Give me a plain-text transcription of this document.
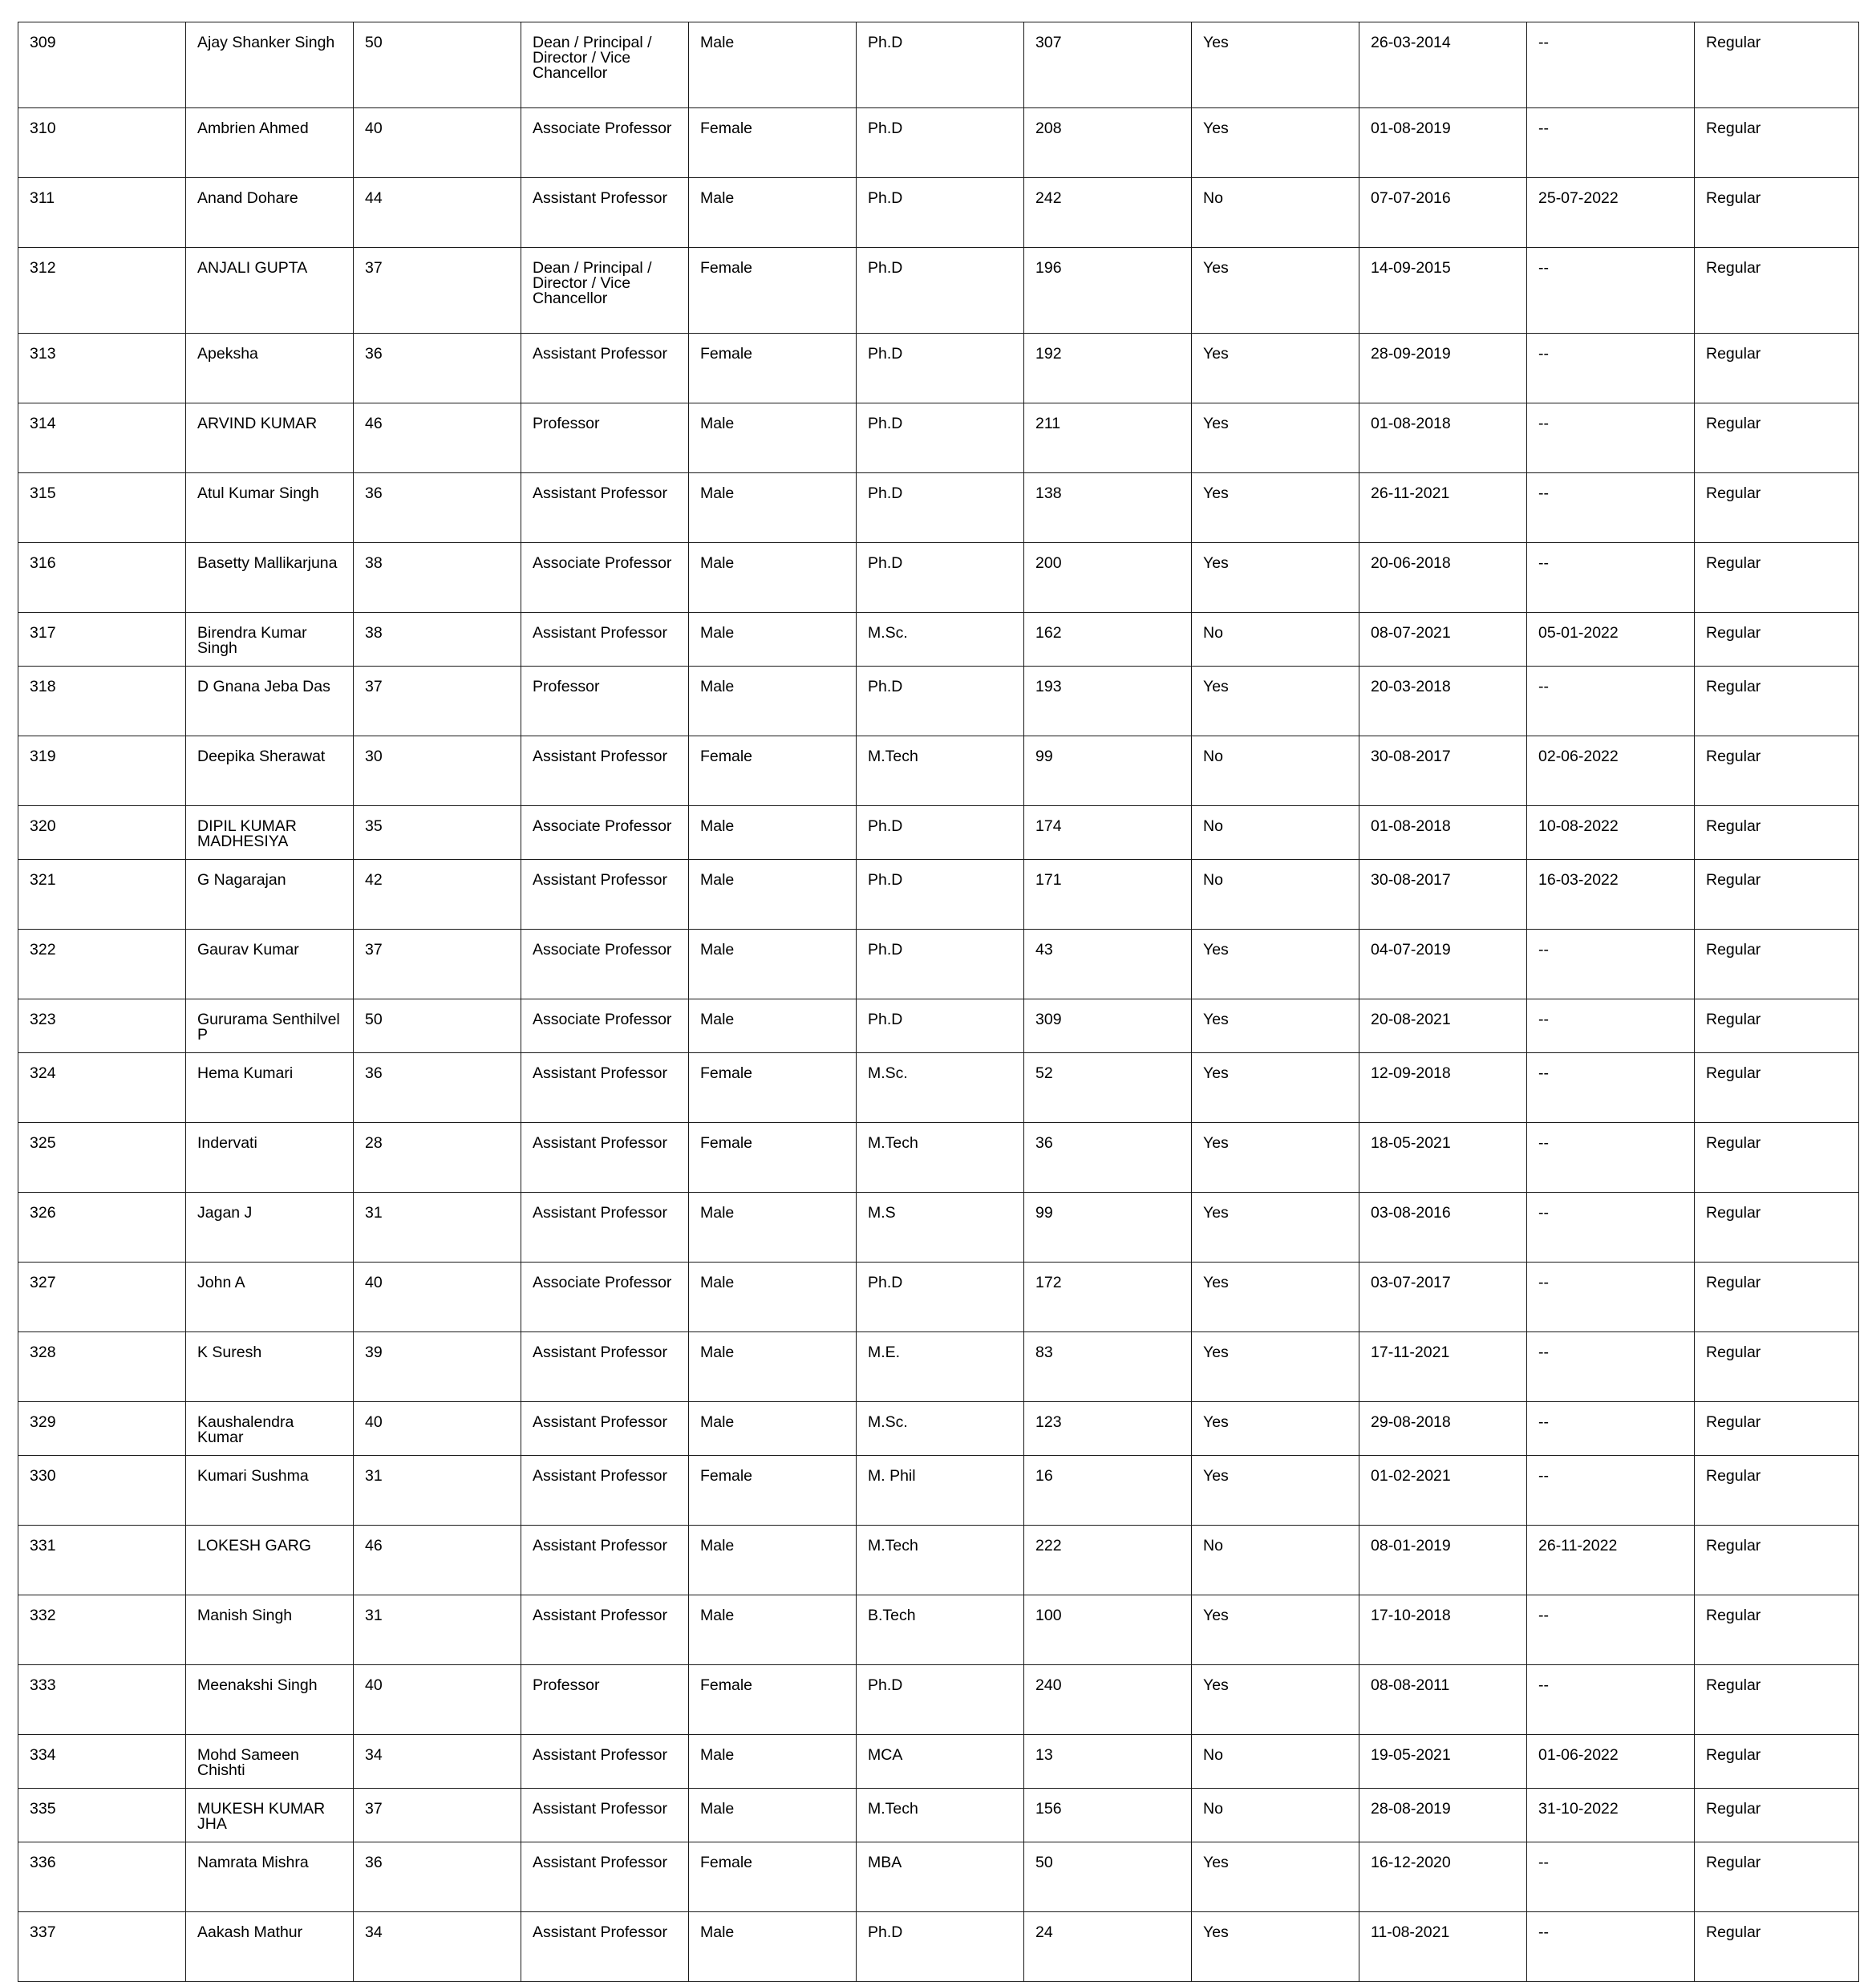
309	Ajay Shanker Singh	50	Dean / Principal / Director / Vice Chancellor	Male	Ph.D	307	Yes	26-03-2014	--	Regular
310	Ambrien Ahmed	40	Associate Professor	Female	Ph.D	208	Yes	01-08-2019	--	Regular
311	Anand Dohare	44	Assistant Professor	Male	Ph.D	242	No	07-07-2016	25-07-2022	Regular
312	ANJALI GUPTA	37	Dean / Principal / Director / Vice Chancellor	Female	Ph.D	196	Yes	14-09-2015	--	Regular
313	Apeksha	36	Assistant Professor	Female	Ph.D	192	Yes	28-09-2019	--	Regular
314	ARVIND KUMAR	46	Professor	Male	Ph.D	211	Yes	01-08-2018	--	Regular
315	Atul Kumar Singh	36	Assistant Professor	Male	Ph.D	138	Yes	26-11-2021	--	Regular
316	Basetty Mallikarjuna	38	Associate Professor	Male	Ph.D	200	Yes	20-06-2018	--	Regular
317	Birendra Kumar Singh	38	Assistant Professor	Male	M.Sc.	162	No	08-07-2021	05-01-2022	Regular
318	D Gnana Jeba Das	37	Professor	Male	Ph.D	193	Yes	20-03-2018	--	Regular
319	Deepika Sherawat	30	Assistant Professor	Female	M.Tech	99	No	30-08-2017	02-06-2022	Regular
320	DIPIL KUMAR MADHESIYA	35	Associate Professor	Male	Ph.D	174	No	01-08-2018	10-08-2022	Regular
321	G Nagarajan	42	Assistant Professor	Male	Ph.D	171	No	30-08-2017	16-03-2022	Regular
322	Gaurav Kumar	37	Associate Professor	Male	Ph.D	43	Yes	04-07-2019	--	Regular
323	Gururama Senthilvel P	50	Associate Professor	Male	Ph.D	309	Yes	20-08-2021	--	Regular
324	Hema Kumari	36	Assistant Professor	Female	M.Sc.	52	Yes	12-09-2018	--	Regular
325	Indervati	28	Assistant Professor	Female	M.Tech	36	Yes	18-05-2021	--	Regular
326	Jagan J	31	Assistant Professor	Male	M.S	99	Yes	03-08-2016	--	Regular
327	John A	40	Associate Professor	Male	Ph.D	172	Yes	03-07-2017	--	Regular
328	K Suresh	39	Assistant Professor	Male	M.E.	83	Yes	17-11-2021	--	Regular
329	Kaushalendra Kumar	40	Assistant Professor	Male	M.Sc.	123	Yes	29-08-2018	--	Regular
330	Kumari Sushma	31	Assistant Professor	Female	M. Phil	16	Yes	01-02-2021	--	Regular
331	LOKESH GARG	46	Assistant Professor	Male	M.Tech	222	No	08-01-2019	26-11-2022	Regular
332	Manish Singh	31	Assistant Professor	Male	B.Tech	100	Yes	17-10-2018	--	Regular
333	Meenakshi Singh	40	Professor	Female	Ph.D	240	Yes	08-08-2011	--	Regular
334	Mohd Sameen Chishti	34	Assistant Professor	Male	MCA	13	No	19-05-2021	01-06-2022	Regular
335	MUKESH KUMAR JHA	37	Assistant Professor	Male	M.Tech	156	No	28-08-2019	31-10-2022	Regular
336	Namrata Mishra	36	Assistant Professor	Female	MBA	50	Yes	16-12-2020	--	Regular
337	Aakash Mathur	34	Assistant Professor	Male	Ph.D	24	Yes	11-08-2021	--	Regular
